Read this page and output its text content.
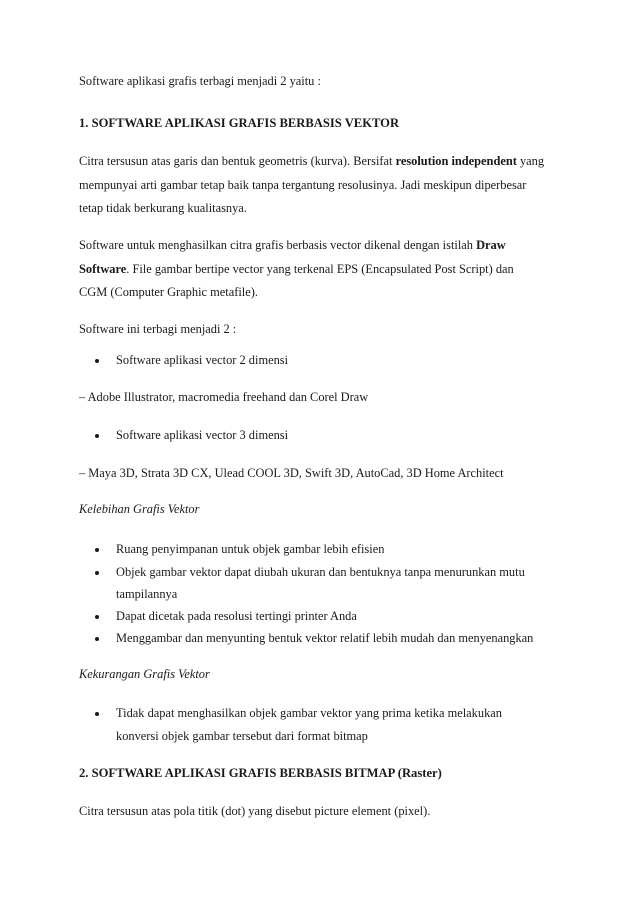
Software aplikasi grafis terbagi menjadi 2 yaitu :
1. SOFTWARE APLIKASI GRAFIS BERBASIS VEKTOR
Citra tersusun atas garis dan bentuk geometris (kurva). Bersifat resolution independent yang
mempunyai arti gambar tetap baik tanpa tergantung resolusinya. Jadi meskipun diperbesar
tetap tidak berkurang kualitasnya.
Software untuk menghasilkan citra grafis berbasis vector dikenal dengan istilah Draw
Software. File gambar bertipe vector yang terkenal EPS (Encapsulated Post Script) dan
CGM (Computer Graphic metafile).
Software ini terbagi menjadi 2 :
Software aplikasi vector 2 dimensi
– Adobe Illustrator, macromedia freehand dan Corel Draw
Software aplikasi vector 3 dimensi
– Maya 3D, Strata 3D CX, Ulead COOL 3D, Swift 3D, AutoCad, 3D Home Architect
Kelebihan Grafis Vektor
Ruang penyimpanan untuk objek gambar lebih efisien
Objek gambar vektor dapat diubah ukuran dan bentuknya tanpa menurunkan mutu
tampilannya
Dapat dicetak pada resolusi tertingi printer Anda
Menggambar dan menyunting bentuk vektor relatif lebih mudah dan menyenangkan
Kekurangan Grafis Vektor
Tidak dapat menghasilkan objek gambar vektor yang prima ketika melakukan
konversi objek gambar tersebut dari format bitmap
2. SOFTWARE APLIKASI GRAFIS BERBASIS BITMAP (Raster)
Citra tersusun atas pola titik (dot) yang disebut picture element (pixel).
